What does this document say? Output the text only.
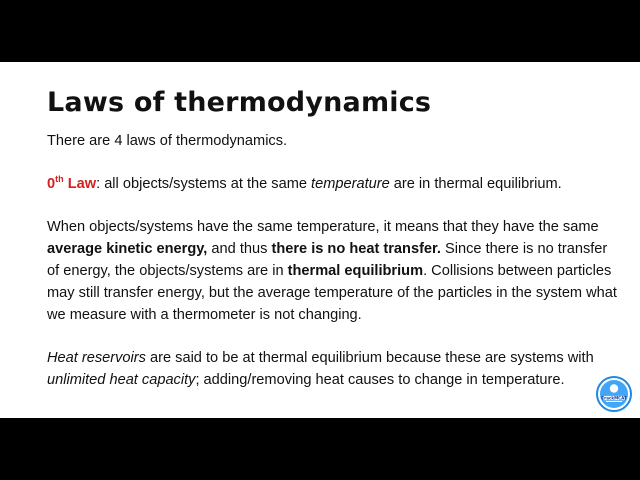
Laws of thermodynamics

There are 4 laws of thermodynamics.

0th Law: all objects/systems at the same temperature are in thermal equilibrium.

When objects/systems have the same temperature, it means that they have the same average kinetic energy, and thus there is no heat transfer. Since there is no transfer of energy, the objects/systems are in thermal equilibrium. Collisions between particles may still transfer energy, but the average temperature of the particles in the system what we measure with a thermometer is not changing.

Heat reservoirs are said to be at thermal equilibrium because these are systems with unlimited heat capacity; adding/removing heat causes to change in temperature.

CrackMCAT
